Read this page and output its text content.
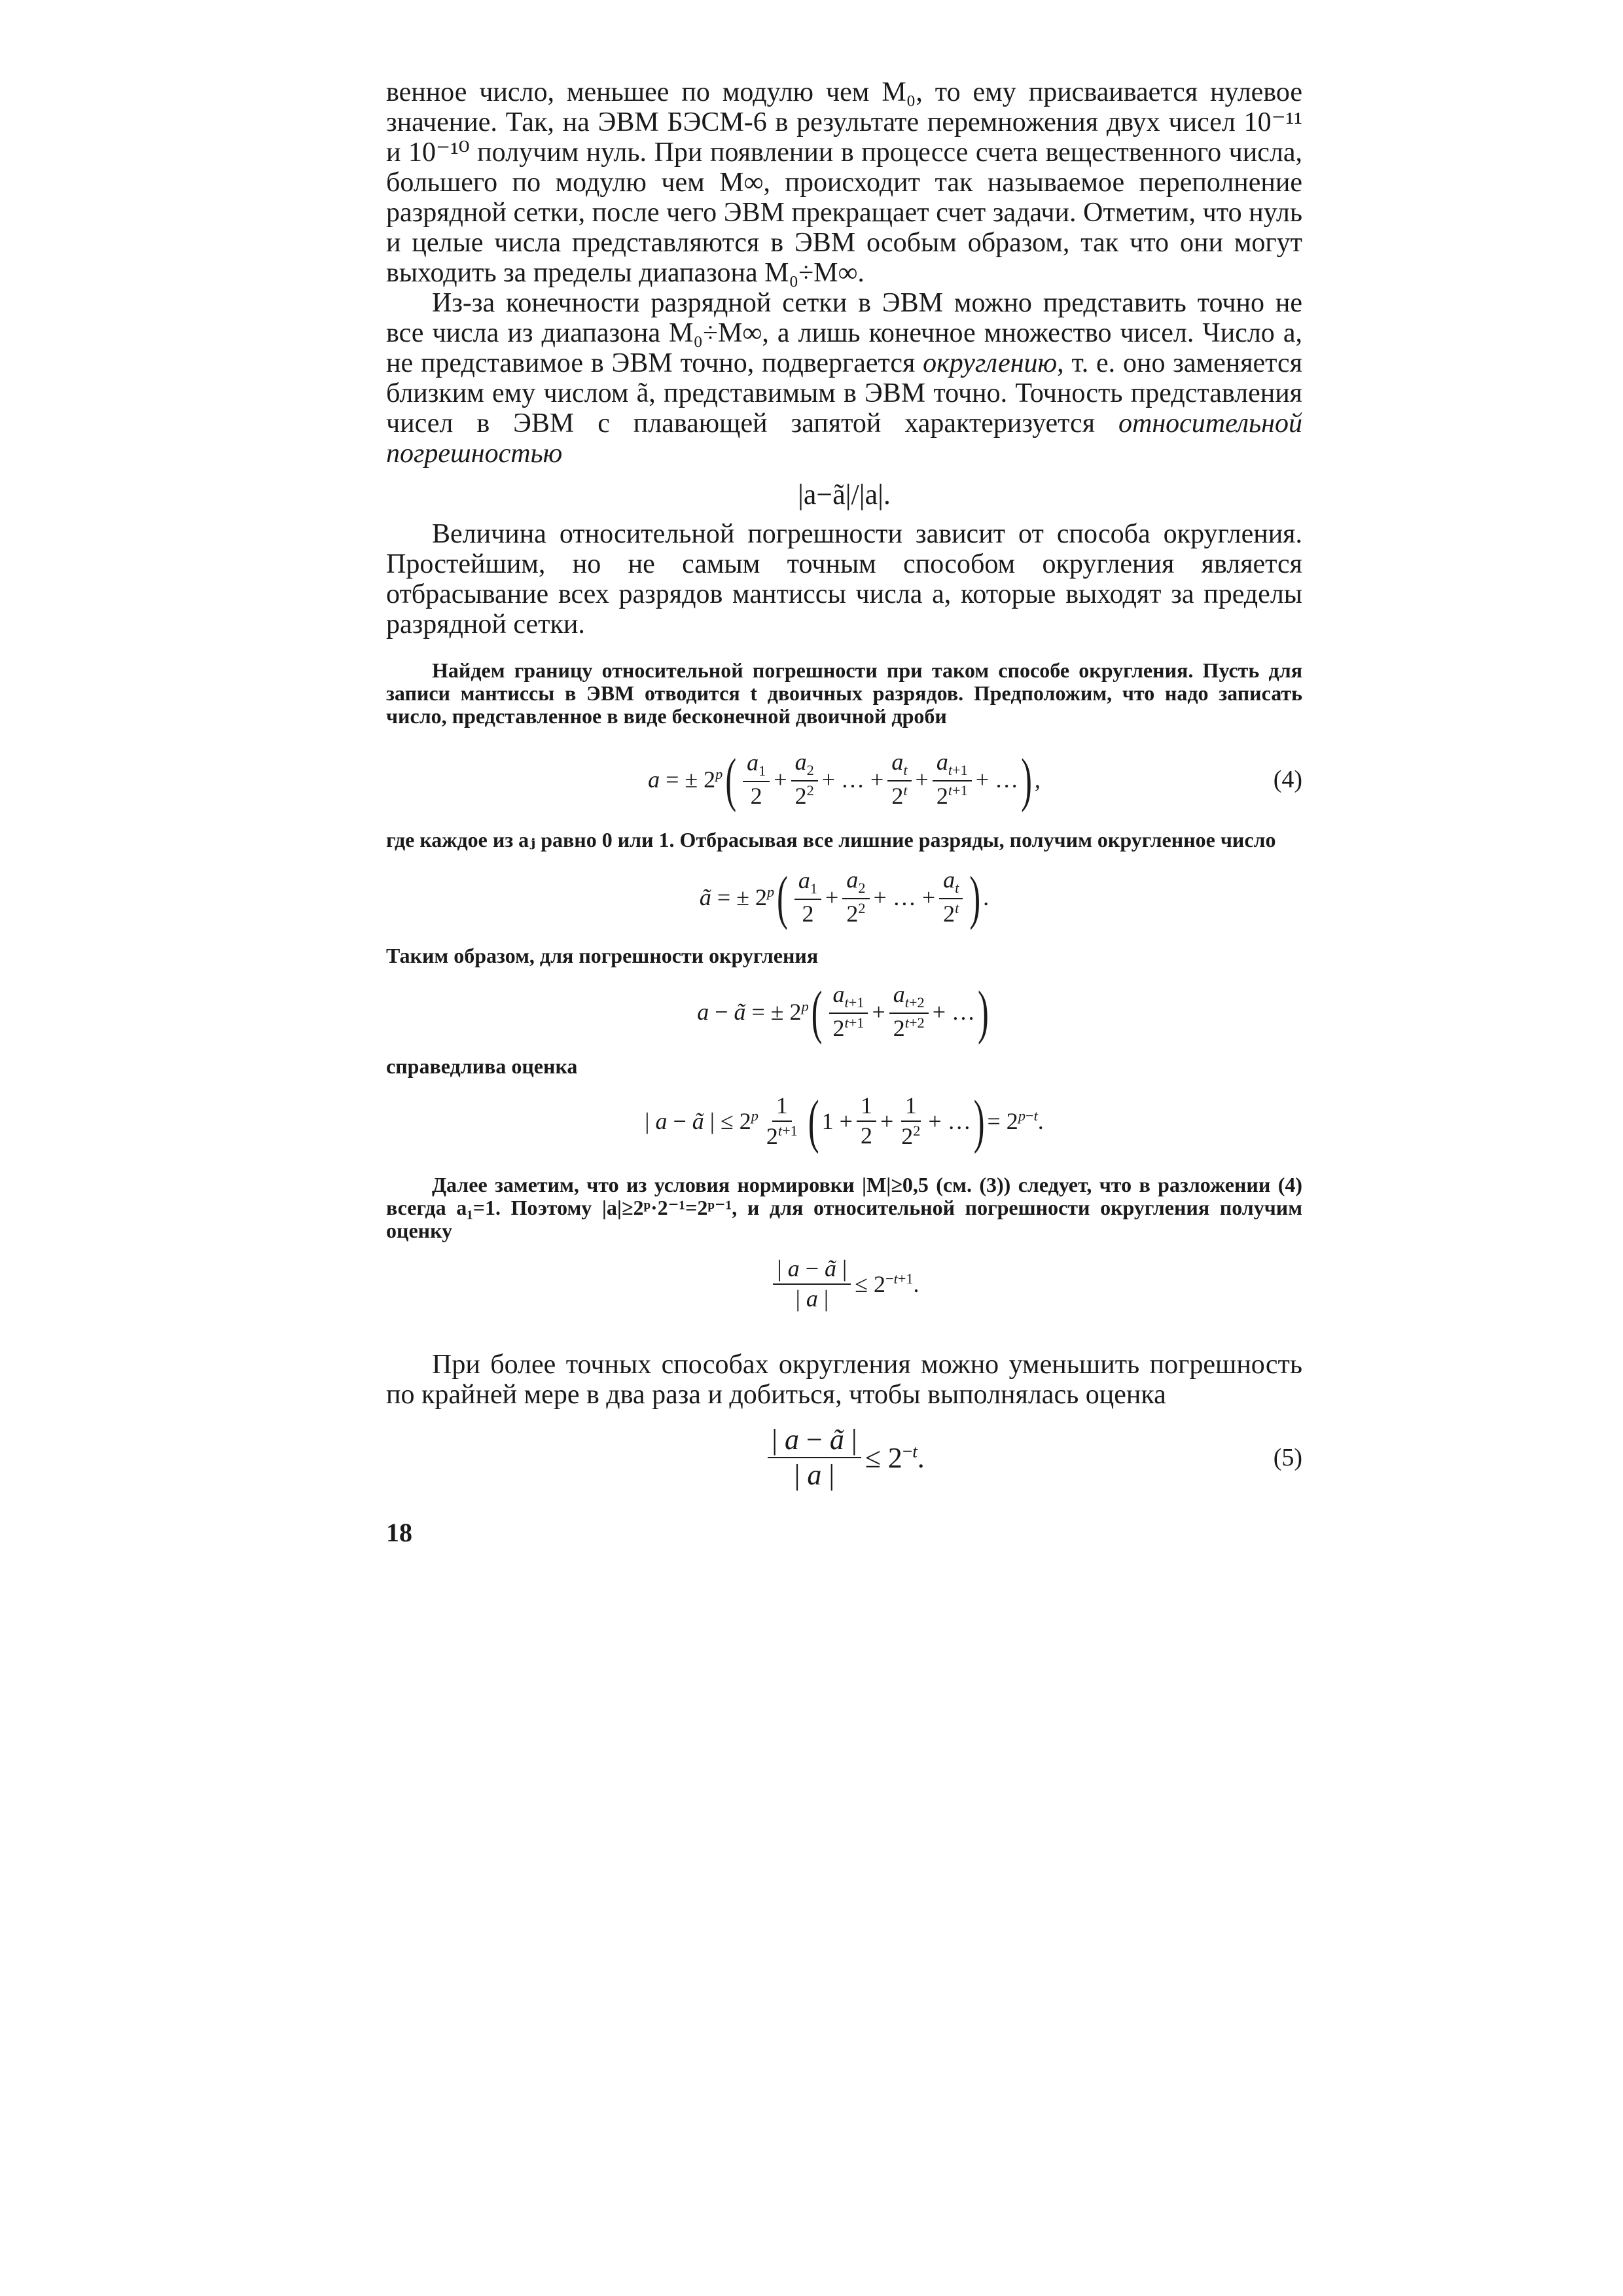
венное число, меньшее по модулю чем M₀, то ему присваивается нулевое значение. Так, на ЭВМ БЭСМ-6 в результате перемножения двух чисел 10⁻¹¹ и 10⁻¹⁰ получим нуль. При появлении в процессе счета вещественного числа, большего по модулю чем M∞, происходит так называемое переполнение разрядной сетки, после чего ЭВМ прекращает счет задачи. Отметим, что нуль и целые числа представляются в ЭВМ особым образом, так что они могут выходить за пределы диапазона M₀÷M∞.

Из-за конечности разрядной сетки в ЭВМ можно представить точно не все числа из диапазона M₀÷M∞, а лишь конечное множество чисел. Число a, не представимое в ЭВМ точно, подвергается округлению, т. е. оно заменяется близким ему числом ã, представимым в ЭВМ точно. Точность представления чисел в ЭВМ с плавающей запятой характеризуется относительной погрешностью

|a−ã|/|a|.

Величина относительной погрешности зависит от способа округления. Простейшим, но не самым точным способом округления является отбрасывание всех разрядов мантиссы числа a, которые выходят за пределы разрядной сетки.

Найдем границу относительной погрешности при таком способе округления. Пусть для записи мантиссы в ЭВМ отводится t двоичных разрядов. Предположим, что надо записать число, представленное в виде бесконечной двоичной дроби

a = ± $2^p$ ( $\frac{a_1}{2} + \frac{a_2}{2^2}$ + … + $\frac{a_t}{2^t} + \frac{a_{t+1}}{2^{t+1}}$ + … ) ,	(4)

где каждое из aⱼ равно 0 или 1. Отбрасывая все лишние разряды, получим округленное число

ã = ± $2^p$ ( $\frac{a_1}{2} + \frac{a_2}{2^2}$ + … + $\frac{a_t}{2^t}$ ) .

Таким образом, для погрешности округления

a − ã = ± $2^p$ ( $\frac{a_{t+1}}{2^{t+1}} + \frac{a_{t+2}}{2^{t+2}}$ + … )

справедлива оценка

| a − ã | ≤ $2^p \frac{1}{2^{t+1}}$ ( $1 + \frac{1}{2} + \frac{1}{2^2}$ + … ) = $2^{p-t}$.

Далее заметим, что из условия нормировки |M|≥0,5 (см. (3)) следует, что в разложении (4) всегда a₁=1. Поэтому |a|≥2ᵖ·2⁻¹=2ᵖ⁻¹, и для относительной погрешности округления получим оценку

$\frac{| a - ã |}{| a |} \le 2^{-t+1}$.

При более точных способах округления можно уменьшить погрешность по крайней мере в два раза и добиться, чтобы выполнялась оценка

$\frac{| a - ã |}{| a |} \le 2^{-t}$.	(5)
18
